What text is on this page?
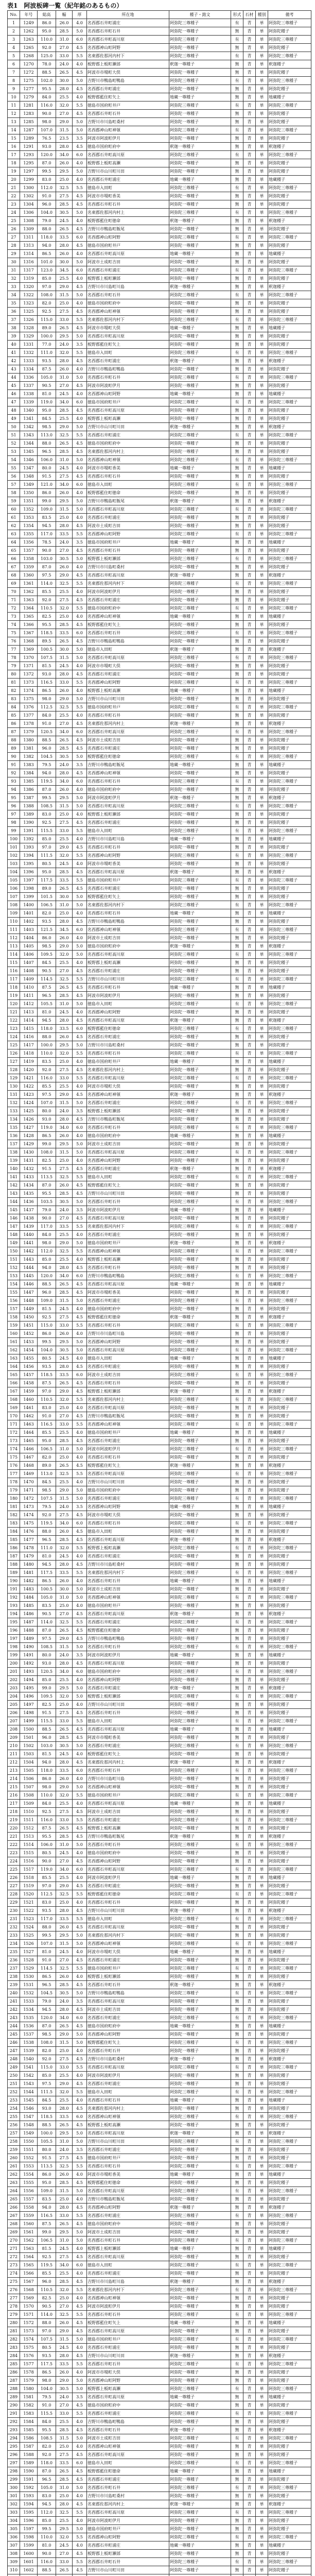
表1　阿波板碑一覧（紀年銘のあるもの）
No.	年号	総高	幅	厚	所在地	種子・銘文	形式	石材	種別	備考
1	1249	86.0	26.0	4.0	名西郡石井町浦庄	阿弥陀三尊種子	有	青	単	阿弥陀三尊種子
2	1262	95.0	28.5	5.0	名西郡石井町石井	阿弥陀一尊種子	無	青	単	阿弥陀種子
3	1263	110.0	31.0	6.0	名西郡石井町高川原	阿弥陀三尊種子	有	青	単	阿弥陀三尊種子
4	1265	92.0	27.0	4.5	名西郡神山町阿野	阿弥陀一尊種子	無	青	単	阿弥陀種子
5	1268	125.0	33.0	5.5	名東郡佐那河内村下	阿弥陀三尊種子	有	青	単	阿弥陀三尊種子
6	1270	78.0	24.0	4.0	板野郡上板町瀬部	釈迦一尊種子	無	青	単	釈迦種子
7	1272	88.5	26.5	4.5	阿波市市場町大俣	阿弥陀一尊種子	無	青	単	阿弥陀種子
8	1275	102.0	30.0	5.0	吉野川市鴨島町鴨島	阿弥陀三尊種子	有	青	単	阿弥陀三尊種子
9	1277	95.5	28.0	4.5	名西郡石井町浦庄	阿弥陀一尊種子	無	青	単	阿弥陀種子
10	1279	84.0	25.5	4.0	板野郡藍住町矢上	地蔵一尊種子	無	青	単	地蔵種子
11	1281	116.0	32.0	5.5	徳島市国府町井戸	阿弥陀三尊種子	有	青	単	阿弥陀三尊種子
12	1283	90.0	27.0	4.5	名西郡石井町石井	阿弥陀一尊種子	無	青	単	阿弥陀種子
13	1285	98.0	29.0	5.0	吉野川市川島町桑村	阿弥陀一尊種子	無	青	単	阿弥陀種子
14	1287	107.0	31.5	5.0	名西郡神山町神領	阿弥陀三尊種子	有	青	単	阿弥陀三尊種子
15	1289	76.5	23.5	3.5	阿波市阿波町伊月	阿弥陀一尊種子	無	青	単	阿弥陀種子
16	1291	93.0	28.0	4.5	徳島市国府町府中	釈迦一尊種子	無	青	単	釈迦種子
17	1293	120.0	34.0	6.0	名西郡石井町高川原	阿弥陀三尊種子	有	青	単	阿弥陀三尊種子
18	1295	87.0	26.0	4.0	板野郡上板町高瀬	阿弥陀一尊種子	無	青	単	阿弥陀種子
19	1297	99.5	29.5	5.0	吉野川市山川町川田	阿弥陀一尊種子	無	青	単	阿弥陀種子
20	1299	83.0	25.0	4.0	名西郡石井町浦庄	地蔵一尊種子	無	青	単	地蔵種子
21	1300	112.0	32.5	5.5	徳島市入田町	阿弥陀三尊種子	有	青	単	阿弥陀三尊種子
22	1302	91.0	27.5	4.5	阿波市市場町香美	阿弥陀一尊種子	無	青	単	阿弥陀種子
23	1304	96.0	28.5	4.5	名西郡石井町石井	阿弥陀一尊種子	無	青	単	阿弥陀種子
24	1306	104.0	30.5	5.0	名東郡佐那河内村上	阿弥陀三尊種子	有	青	単	阿弥陀三尊種子
25	1308	79.0	24.5	4.0	板野郡藍住町徳命	釈迦一尊種子	無	青	単	釈迦種子
26	1309	88.0	26.5	4.5	吉野川市鴨島町飯尾	阿弥陀一尊種子	無	青	単	阿弥陀種子
27	1311	118.0	33.5	6.0	名西郡神山町阿野	阿弥陀三尊種子	有	青	単	阿弥陀三尊種子
28	1313	94.0	28.0	4.5	徳島市国府町井戸	阿弥陀一尊種子	無	青	単	阿弥陀種子
29	1314	86.5	26.0	4.0	名西郡石井町高川原	地蔵一尊種子	無	青	単	地蔵種子
30	1316	101.0	30.0	5.0	阿波市土成町吉田	阿弥陀一尊種子	無	青	単	阿弥陀種子
31	1317	123.0	34.5	6.0	名西郡石井町浦庄	阿弥陀三尊種子	有	青	単	阿弥陀三尊種子
32	1319	85.0	25.5	4.0	板野郡上板町瀬部	阿弥陀一尊種子	無	青	単	阿弥陀種子
33	1320	97.0	29.0	4.5	吉野川市川島町川島	釈迦一尊種子	無	青	単	釈迦種子
34	1322	108.0	31.5	5.0	名西郡石井町石井	阿弥陀三尊種子	有	青	単	阿弥陀三尊種子
35	1323	82.0	25.0	4.0	徳島市国府町府中	阿弥陀一尊種子	無	青	単	阿弥陀種子
36	1325	92.5	27.5	4.5	名西郡神山町神領	阿弥陀一尊種子	無	青	単	阿弥陀種子
37	1326	115.0	33.0	5.5	名東郡佐那河内村下	阿弥陀三尊種子	有	青	単	阿弥陀三尊種子
38	1328	89.0	26.5	4.5	阿波市市場町大俣	地蔵一尊種子	無	青	単	地蔵種子
39	1329	100.0	29.5	5.0	名西郡石井町高川原	阿弥陀一尊種子	無	青	単	阿弥陀種子
40	1331	77.0	24.0	3.5	板野郡藍住町矢上	阿弥陀一尊種子	無	青	単	阿弥陀種子
41	1332	111.0	32.0	5.5	徳島市入田町	阿弥陀三尊種子	有	青	単	阿弥陀三尊種子
42	1333	93.5	28.0	4.5	名西郡石井町浦庄	釈迦一尊種子	無	青	単	釈迦種子
43	1334	87.5	26.0	4.0	吉野川市鴨島町鴨島	阿弥陀一尊種子	無	青	単	阿弥陀種子
44	1336	105.0	31.0	5.0	名西郡石井町石井	阿弥陀三尊種子	有	青	単	阿弥陀三尊種子
45	1337	90.5	27.0	4.5	阿波市阿波町伊月	阿弥陀一尊種子	無	青	単	阿弥陀種子
46	1338	81.0	24.5	4.0	名西郡神山町阿野	地蔵一尊種子	無	青	単	地蔵種子
47	1339	119.0	34.0	6.0	徳島市国府町井戸	阿弥陀三尊種子	有	青	単	阿弥陀三尊種子
48	1340	95.0	28.5	4.5	名西郡石井町高川原	阿弥陀一尊種子	無	青	単	阿弥陀種子
49	1341	84.5	25.5	4.0	板野郡上板町高瀬	阿弥陀一尊種子	無	青	単	阿弥陀種子
50	1342	98.5	29.0	5.0	吉野川市山川町川田	釈迦一尊種子	無	青	単	釈迦種子
51	1343	113.0	32.5	5.5	名西郡石井町浦庄	阿弥陀三尊種子	有	青	単	阿弥陀三尊種子
52	1344	88.0	26.5	4.5	徳島市国府町府中	阿弥陀一尊種子	無	青	単	阿弥陀種子
53	1345	96.5	28.5	4.5	名東郡佐那河内村上	阿弥陀一尊種子	無	青	単	阿弥陀種子
54	1346	106.0	31.0	5.0	名西郡神山町神領	阿弥陀三尊種子	有	青	単	阿弥陀三尊種子
55	1347	80.0	24.5	4.0	阿波市市場町香美	地蔵一尊種子	無	青	単	地蔵種子
56	1348	91.5	27.5	4.5	名西郡石井町石井	阿弥陀一尊種子	無	青	単	阿弥陀種子
57	1349	121.0	34.0	6.0	徳島市入田町	阿弥陀三尊種子	有	青	単	阿弥陀三尊種子
58	1350	86.0	26.0	4.0	板野郡藍住町徳命	阿弥陀一尊種子	無	青	単	阿弥陀種子
59	1351	99.0	29.5	5.0	吉野川市鴨島町飯尾	釈迦一尊種子	無	青	単	釈迦種子
60	1352	109.0	31.5	5.0	名西郡石井町高川原	阿弥陀三尊種子	有	青	単	阿弥陀三尊種子
61	1353	83.5	25.0	4.0	名西郡石井町浦庄	阿弥陀一尊種子	無	青	単	阿弥陀種子
62	1354	94.5	28.0	4.5	阿波市土成町吉田	阿弥陀一尊種子	無	青	単	阿弥陀種子
63	1355	117.0	33.5	5.5	名西郡神山町阿野	阿弥陀三尊種子	有	青	単	阿弥陀三尊種子
64	1356	78.5	24.0	3.5	徳島市国府町井戸	地蔵一尊種子	無	青	単	地蔵種子
65	1357	90.0	27.0	4.5	名西郡石井町石井	阿弥陀一尊種子	無	青	単	阿弥陀種子
66	1358	103.0	30.5	5.0	板野郡上板町瀬部	阿弥陀三尊種子	有	青	単	阿弥陀三尊種子
67	1359	87.0	26.0	4.0	吉野川市川島町桑村	阿弥陀一尊種子	無	青	単	阿弥陀種子
68	1360	97.5	29.0	4.5	名西郡石井町高川原	釈迦一尊種子	無	青	単	釈迦種子
69	1361	114.0	32.5	5.5	名東郡佐那河内村下	阿弥陀三尊種子	有	青	単	阿弥陀三尊種子
70	1362	85.5	25.5	4.0	阿波市阿波町伊月	阿弥陀一尊種子	無	青	単	阿弥陀種子
71	1363	92.0	27.5	4.5	名西郡石井町浦庄	阿弥陀一尊種子	無	青	単	阿弥陀種子
72	1364	110.5	32.0	5.5	徳島市国府町府中	阿弥陀三尊種子	有	青	単	阿弥陀三尊種子
73	1365	82.5	25.0	4.0	名西郡神山町神領	地蔵一尊種子	無	青	単	地蔵種子
74	1366	95.5	28.5	4.5	板野郡藍住町矢上	阿弥陀一尊種子	無	青	単	阿弥陀種子
75	1367	118.5	33.5	6.0	名西郡石井町石井	阿弥陀三尊種子	有	青	単	阿弥陀三尊種子
76	1368	89.5	26.5	4.5	吉野川市鴨島町鴨島	阿弥陀一尊種子	無	青	単	阿弥陀種子
77	1369	100.5	30.0	5.0	徳島市入田町	釈迦一尊種子	無	青	単	釈迦種子
78	1370	107.5	31.5	5.0	名西郡石井町高川原	阿弥陀三尊種子	有	青	単	阿弥陀三尊種子
79	1371	81.5	24.5	4.0	阿波市市場町大俣	阿弥陀一尊種子	無	青	単	阿弥陀種子
80	1372	93.0	28.0	4.5	名西郡石井町浦庄	阿弥陀一尊種子	無	青	単	阿弥陀種子
81	1373	116.5	33.0	5.5	名西郡神山町阿野	阿弥陀三尊種子	有	青	単	阿弥陀三尊種子
82	1374	86.5	26.0	4.0	板野郡上板町高瀬	地蔵一尊種子	無	青	単	地蔵種子
83	1375	98.0	29.0	5.0	吉野川市山川町川田	阿弥陀一尊種子	無	青	単	阿弥陀種子
84	1376	112.5	32.5	5.5	徳島市国府町井戸	阿弥陀三尊種子	有	青	単	阿弥陀三尊種子
85	1377	84.0	25.5	4.0	名西郡石井町石井	阿弥陀一尊種子	無	青	単	阿弥陀種子
86	1378	91.0	27.0	4.5	名東郡佐那河内村上	釈迦一尊種子	無	青	単	釈迦種子
87	1379	120.5	34.0	6.0	名西郡石井町高川原	阿弥陀三尊種子	有	青	単	阿弥陀三尊種子
88	1380	88.5	26.5	4.5	阿波市土成町吉田	阿弥陀一尊種子	無	青	単	阿弥陀種子
89	1381	96.0	28.5	4.5	名西郡石井町浦庄	阿弥陀一尊種子	無	青	単	阿弥陀種子
90	1382	104.5	30.5	5.0	板野郡藍住町徳命	阿弥陀三尊種子	有	青	単	阿弥陀三尊種子
91	1383	79.5	24.0	3.5	吉野川市鴨島町飯尾	地蔵一尊種子	無	青	単	地蔵種子
92	1384	94.0	28.0	4.5	名西郡神山町神領	阿弥陀一尊種子	無	青	単	阿弥陀種子
93	1385	119.5	34.0	6.0	名西郡石井町石井	阿弥陀三尊種子	有	青	単	阿弥陀三尊種子
94	1386	87.0	26.0	4.0	徳島市国府町府中	阿弥陀一尊種子	無	青	単	阿弥陀種子
95	1387	99.5	29.5	5.0	阿波市阿波町伊月	釈迦一尊種子	無	青	単	釈迦種子
96	1388	108.5	31.5	5.0	名西郡石井町高川原	阿弥陀三尊種子	有	青	単	阿弥陀三尊種子
97	1389	83.0	25.0	4.0	板野郡上板町瀬部	阿弥陀一尊種子	無	青	単	阿弥陀種子
98	1390	92.5	27.5	4.5	名西郡石井町浦庄	阿弥陀一尊種子	無	青	単	阿弥陀種子
99	1391	115.5	33.0	5.5	徳島市入田町	阿弥陀三尊種子	有	青	単	阿弥陀三尊種子
100	1392	85.0	25.5	4.0	吉野川市川島町川島	地蔵一尊種子	無	青	単	地蔵種子
101	1393	97.0	29.0	4.5	名西郡石井町石井	阿弥陀一尊種子	無	青	単	阿弥陀種子
102	1394	111.5	32.0	5.5	名西郡神山町阿野	阿弥陀三尊種子	有	青	単	阿弥陀三尊種子
103	1395	80.5	24.5	4.0	阿波市市場町香美	阿弥陀一尊種子	無	青	単	阿弥陀種子
104	1396	95.0	28.5	4.5	名西郡石井町高川原	釈迦一尊種子	無	青	単	釈迦種子
105	1397	117.5	33.5	5.5	徳島市国府町井戸	阿弥陀三尊種子	有	青	単	阿弥陀三尊種子
106	1398	89.0	26.5	4.5	名西郡石井町浦庄	阿弥陀一尊種子	無	青	単	阿弥陀種子
107	1399	101.5	30.0	5.0	板野郡藍住町矢上	阿弥陀一尊種子	無	青	単	阿弥陀種子
108	1400	106.5	31.0	5.0	名東郡佐那河内村下	阿弥陀三尊種子	有	青	単	阿弥陀三尊種子
109	1401	82.0	25.0	4.0	名西郡石井町石井	地蔵一尊種子	無	青	単	地蔵種子
110	1402	93.5	28.0	4.5	吉野川市鴨島町鴨島	阿弥陀一尊種子	無	青	単	阿弥陀種子
111	1403	121.5	34.5	6.0	名西郡神山町神領	阿弥陀三尊種子	有	青	単	阿弥陀三尊種子
112	1404	86.0	26.0	4.0	阿波市土成町吉田	阿弥陀一尊種子	無	青	単	阿弥陀種子
113	1405	98.5	29.0	5.0	徳島市国府町府中	釈迦一尊種子	無	青	単	釈迦種子
114	1406	109.5	32.0	5.0	名西郡石井町高川原	阿弥陀三尊種子	有	青	単	阿弥陀三尊種子
115	1407	84.5	25.5	4.0	板野郡上板町高瀬	阿弥陀一尊種子	無	青	単	阿弥陀種子
116	1408	90.5	27.0	4.5	名西郡石井町浦庄	阿弥陀一尊種子	無	青	単	阿弥陀種子
117	1409	114.5	32.5	5.5	吉野川市山川町川田	阿弥陀三尊種子	有	青	単	阿弥陀三尊種子
118	1410	87.5	26.5	4.5	名西郡石井町石井	地蔵一尊種子	無	青	単	地蔵種子
119	1411	96.5	28.5	4.5	阿波市阿波町伊月	阿弥陀一尊種子	無	青	単	阿弥陀種子
120	1412	105.5	31.0	5.0	徳島市入田町	阿弥陀三尊種子	有	青	単	阿弥陀三尊種子
121	1413	81.0	24.5	4.0	名西郡神山町阿野	阿弥陀一尊種子	無	青	単	阿弥陀種子
122	1414	94.5	28.0	4.5	名西郡石井町高川原	釈迦一尊種子	無	青	単	釈迦種子
123	1415	118.0	33.5	6.0	板野郡藍住町徳命	阿弥陀三尊種子	有	青	単	阿弥陀三尊種子
124	1416	88.0	26.0	4.5	名西郡石井町浦庄	阿弥陀一尊種子	無	青	単	阿弥陀種子
125	1417	100.0	29.5	5.0	吉野川市川島町桑村	阿弥陀一尊種子	無	青	単	阿弥陀種子
126	1418	110.0	32.0	5.5	名西郡石井町石井	阿弥陀三尊種子	有	青	単	阿弥陀三尊種子
127	1419	83.5	25.0	4.0	徳島市国府町井戸	地蔵一尊種子	無	青	単	地蔵種子
128	1420	92.0	27.5	4.5	名東郡佐那河内村上	阿弥陀一尊種子	無	青	単	阿弥陀種子
129	1421	116.0	33.0	5.5	名西郡石井町高川原	阿弥陀三尊種子	有	青	単	阿弥陀三尊種子
130	1422	85.5	25.5	4.0	阿波市市場町大俣	阿弥陀一尊種子	無	青	単	阿弥陀種子
131	1423	97.5	29.0	4.5	名西郡神山町神領	釈迦一尊種子	無	青	単	釈迦種子
132	1424	107.0	31.5	5.0	名西郡石井町浦庄	阿弥陀三尊種子	有	青	単	阿弥陀三尊種子
133	1425	80.0	24.0	3.5	板野郡上板町瀬部	阿弥陀一尊種子	無	青	単	阿弥陀種子
134	1426	93.0	28.0	4.5	吉野川市鴨島町飯尾	阿弥陀一尊種子	無	青	単	阿弥陀種子
135	1427	119.0	34.0	6.0	名西郡石井町石井	阿弥陀三尊種子	有	青	単	阿弥陀三尊種子
136	1428	86.5	26.0	4.0	徳島市国府町府中	地蔵一尊種子	無	青	単	地蔵種子
137	1429	99.0	29.5	5.0	阿波市土成町吉田	阿弥陀一尊種子	無	青	単	阿弥陀種子
138	1430	108.0	31.5	5.0	名西郡石井町高川原	阿弥陀三尊種子	有	青	単	阿弥陀三尊種子
139	1431	82.5	25.0	4.0	名西郡神山町阿野	阿弥陀一尊種子	無	青	単	阿弥陀種子
140	1432	91.5	27.5	4.5	名西郡石井町浦庄	釈迦一尊種子	無	青	単	釈迦種子
141	1433	113.5	32.5	5.5	徳島市入田町	阿弥陀三尊種子	有	青	単	阿弥陀三尊種子
142	1434	87.0	26.0	4.5	板野郡藍住町矢上	阿弥陀一尊種子	無	青	単	阿弥陀種子
143	1435	95.5	28.5	4.5	吉野川市山川町川田	阿弥陀一尊種子	無	青	単	阿弥陀種子
144	1436	103.5	30.5	5.0	名西郡石井町石井	阿弥陀三尊種子	有	青	単	阿弥陀三尊種子
145	1437	79.0	24.0	3.5	阿波市阿波町伊月	地蔵一尊種子	無	青	単	地蔵種子
146	1438	90.0	27.0	4.5	名西郡石井町高川原	阿弥陀一尊種子	無	青	単	阿弥陀種子
147	1439	117.0	33.5	5.5	名東郡佐那河内村下	阿弥陀三尊種子	有	青	単	阿弥陀三尊種子
148	1440	84.0	25.5	4.0	名西郡石井町浦庄	阿弥陀一尊種子	無	青	単	阿弥陀種子
149	1441	98.0	29.0	5.0	徳島市国府町井戸	釈迦一尊種子	無	青	単	釈迦種子
150	1442	112.0	32.5	5.5	名西郡神山町神領	阿弥陀三尊種子	有	青	単	阿弥陀三尊種子
151	1443	85.0	25.5	4.0	板野郡上板町高瀬	阿弥陀一尊種子	無	青	単	阿弥陀種子
152	1444	94.0	28.0	4.5	名西郡石井町石井	阿弥陀一尊種子	無	青	単	阿弥陀種子
153	1445	120.0	34.0	6.0	吉野川市鴨島町鴨島	阿弥陀三尊種子	有	青	単	阿弥陀三尊種子
154	1446	88.5	26.5	4.5	名西郡石井町高川原	地蔵一尊種子	無	青	単	地蔵種子
155	1447	96.0	28.5	4.5	阿波市市場町香美	阿弥陀一尊種子	無	青	単	阿弥陀種子
156	1448	109.0	31.5	5.0	名西郡石井町浦庄	阿弥陀三尊種子	有	青	単	阿弥陀三尊種子
157	1449	81.5	24.5	4.0	徳島市国府町府中	阿弥陀一尊種子	無	青	単	阿弥陀種子
158	1450	92.5	27.5	4.5	板野郡藍住町徳命	釈迦一尊種子	無	青	単	釈迦種子
159	1451	115.0	33.0	5.5	名西郡石井町石井	阿弥陀三尊種子	有	青	単	阿弥陀三尊種子
160	1452	86.0	26.0	4.0	吉野川市川島町川島	阿弥陀一尊種子	無	青	単	阿弥陀種子
161	1453	99.5	29.5	5.0	名西郡神山町阿野	阿弥陀一尊種子	無	青	単	阿弥陀種子
162	1454	104.0	30.5	5.0	名西郡石井町高川原	阿弥陀三尊種子	有	青	単	阿弥陀三尊種子
163	1455	80.5	24.5	4.0	徳島市入田町	地蔵一尊種子	無	青	単	地蔵種子
164	1456	93.5	28.0	4.5	名西郡石井町浦庄	阿弥陀一尊種子	無	青	単	阿弥陀種子
165	1457	118.5	33.5	6.0	阿波市土成町吉田	阿弥陀三尊種子	有	青	単	阿弥陀三尊種子
166	1458	87.5	26.5	4.5	名西郡石井町石井	阿弥陀一尊種子	無	青	単	阿弥陀種子
167	1459	97.0	29.0	4.5	板野郡上板町瀬部	釈迦一尊種子	無	青	単	釈迦種子
168	1460	110.5	32.0	5.5	名東郡佐那河内村上	阿弥陀三尊種子	有	青	単	阿弥陀三尊種子
169	1461	83.0	25.0	4.0	名西郡石井町高川原	阿弥陀一尊種子	無	青	単	阿弥陀種子
170	1462	91.0	27.0	4.5	吉野川市鴨島町飯尾	阿弥陀一尊種子	無	青	単	阿弥陀種子
171	1463	116.5	33.0	5.5	名西郡神山町神領	阿弥陀三尊種子	有	青	単	阿弥陀三尊種子
172	1464	85.5	25.5	4.0	徳島市国府町井戸	地蔵一尊種子	無	青	単	地蔵種子
173	1465	95.0	28.5	4.5	名西郡石井町浦庄	阿弥陀一尊種子	無	青	単	阿弥陀種子
174	1466	106.5	31.0	5.0	阿波市阿波町伊月	阿弥陀三尊種子	有	青	単	阿弥陀三尊種子
175	1467	82.0	25.0	4.0	名西郡石井町石井	阿弥陀一尊種子	無	青	単	阿弥陀種子
176	1468	89.0	26.5	4.5	板野郡藍住町矢上	釈迦一尊種子	無	青	単	釈迦種子
177	1469	113.0	32.5	5.5	名西郡石井町高川原	阿弥陀三尊種子	有	青	単	阿弥陀三尊種子
178	1470	84.5	25.5	4.0	吉野川市山川町川田	阿弥陀一尊種子	無	青	単	阿弥陀種子
179	1471	98.5	29.0	5.0	徳島市国府町府中	阿弥陀一尊種子	無	青	単	阿弥陀種子
180	1472	107.5	31.5	5.0	名西郡石井町浦庄	阿弥陀三尊種子	有	青	単	阿弥陀三尊種子
181	1473	79.5	24.0	3.5	名西郡神山町阿野	地蔵一尊種子	無	青	単	地蔵種子
182	1474	92.0	27.5	4.5	阿波市市場町大俣	阿弥陀一尊種子	無	青	単	阿弥陀種子
183	1475	119.5	34.0	6.0	名西郡石井町石井	阿弥陀三尊種子	有	青	単	阿弥陀三尊種子
184	1476	88.0	26.0	4.5	徳島市入田町	阿弥陀一尊種子	無	青	単	阿弥陀種子
185	1477	96.5	28.5	4.5	名西郡石井町高川原	釈迦一尊種子	無	青	単	釈迦種子
186	1478	111.0	32.0	5.5	板野郡上板町高瀬	阿弥陀三尊種子	有	青	単	阿弥陀三尊種子
187	1479	81.0	24.5	4.0	名西郡石井町浦庄	阿弥陀一尊種子	無	青	単	阿弥陀種子
188	1480	94.5	28.0	4.5	吉野川市川島町桑村	阿弥陀一尊種子	無	青	単	阿弥陀種子
189	1481	117.5	33.5	5.5	名東郡佐那河内村下	阿弥陀三尊種子	有	青	単	阿弥陀三尊種子
190	1482	86.5	26.0	4.0	名西郡石井町石井	地蔵一尊種子	無	青	単	地蔵種子
191	1483	100.5	30.0	5.0	阿波市土成町吉田	阿弥陀一尊種子	無	青	単	阿弥陀種子
192	1484	105.0	31.0	5.0	名西郡神山町神領	阿弥陀三尊種子	有	青	単	阿弥陀三尊種子
193	1485	83.5	25.0	4.0	徳島市国府町井戸	阿弥陀一尊種子	無	青	単	阿弥陀種子
194	1486	90.5	27.0	4.5	名西郡石井町高川原	釈迦一尊種子	無	青	単	釈迦種子
195	1487	114.0	32.5	5.5	名西郡石井町浦庄	阿弥陀三尊種子	有	青	単	阿弥陀三尊種子
196	1488	87.0	26.5	4.5	板野郡藍住町徳命	阿弥陀一尊種子	無	青	単	阿弥陀種子
197	1489	97.5	29.0	4.5	吉野川市鴨島町鴨島	阿弥陀一尊種子	無	青	単	阿弥陀種子
198	1490	108.5	31.5	5.0	名西郡石井町石井	阿弥陀三尊種子	有	青	単	阿弥陀三尊種子
199	1491	80.0	24.0	3.5	阿波市阿波町伊月	地蔵一尊種子	無	青	単	地蔵種子
200	1492	93.0	28.0	4.5	名西郡石井町高川原	阿弥陀一尊種子	無	青	単	阿弥陀種子
201	1493	120.5	34.0	6.0	徳島市国府町府中	阿弥陀三尊種子	有	青	単	阿弥陀三尊種子
202	1494	85.0	25.5	4.0	名西郡神山町阿野	阿弥陀一尊種子	無	青	単	阿弥陀種子
203	1495	99.0	29.5	5.0	名西郡石井町浦庄	釈迦一尊種子	無	青	単	釈迦種子
204	1496	109.5	32.0	5.0	板野郡上板町瀬部	阿弥陀三尊種子	有	青	単	阿弥陀三尊種子
205	1497	82.5	25.0	4.0	吉野川市山川町川田	阿弥陀一尊種子	無	青	単	阿弥陀種子
206	1498	91.5	27.5	4.5	名西郡石井町石井	阿弥陀一尊種子	無	青	単	阿弥陀種子
207	1499	115.5	33.0	5.5	徳島市入田町	阿弥陀三尊種子	有	青	単	阿弥陀三尊種子
208	1500	88.5	26.5	4.5	名西郡石井町高川原	地蔵一尊種子	無	青	単	地蔵種子
209	1501	96.0	28.5	4.5	阿波市市場町香美	阿弥陀一尊種子	無	青	単	阿弥陀種子
210	1502	103.0	30.5	5.0	名西郡石井町浦庄	阿弥陀三尊種子	有	青	単	阿弥陀三尊種子
211	1503	81.5	24.5	4.0	板野郡藍住町矢上	阿弥陀一尊種子	無	青	単	阿弥陀種子
212	1504	94.0	28.0	4.5	名東郡佐那河内村上	釈迦一尊種子	無	青	単	釈迦種子
213	1505	118.0	33.5	6.0	名西郡石井町石井	阿弥陀三尊種子	有	青	単	阿弥陀三尊種子
214	1506	86.0	26.0	4.0	吉野川市川島町川島	阿弥陀一尊種子	無	青	単	阿弥陀種子
215	1507	98.0	29.0	5.0	名西郡神山町神領	阿弥陀一尊種子	無	青	単	阿弥陀種子
216	1508	110.0	32.0	5.5	徳島市国府町井戸	阿弥陀三尊種子	有	青	単	阿弥陀三尊種子
217	1509	84.0	25.5	4.0	名西郡石井町高川原	地蔵一尊種子	無	青	単	地蔵種子
218	1510	92.5	27.5	4.5	阿波市土成町吉田	阿弥陀一尊種子	無	青	単	阿弥陀種子
219	1511	116.0	33.0	5.5	名西郡石井町浦庄	阿弥陀三尊種子	有	青	単	阿弥陀三尊種子
220	1512	87.5	26.5	4.5	板野郡上板町高瀬	阿弥陀一尊種子	無	青	単	阿弥陀種子
221	1513	95.5	28.5	4.5	吉野川市鴨島町飯尾	釈迦一尊種子	無	青	単	釈迦種子
222	1514	106.0	31.0	5.0	名西郡石井町石井	阿弥陀三尊種子	有	青	単	阿弥陀三尊種子
223	1515	80.5	24.5	4.0	徳島市国府町府中	阿弥陀一尊種子	無	青	単	阿弥陀種子
224	1516	90.0	27.0	4.5	名西郡神山町阿野	阿弥陀一尊種子	無	青	単	阿弥陀種子
225	1517	119.0	34.0	6.0	名西郡石井町高川原	阿弥陀三尊種子	有	青	単	阿弥陀三尊種子
226	1518	85.5	25.5	4.0	阿波市阿波町伊月	地蔵一尊種子	無	青	単	地蔵種子
227	1519	97.0	29.0	4.5	名西郡石井町浦庄	阿弥陀一尊種子	無	青	単	阿弥陀種子
228	1520	112.5	32.5	5.5	板野郡藍住町徳命	阿弥陀三尊種子	有	青	単	阿弥陀三尊種子
229	1521	83.0	25.0	4.0	名西郡石井町石井	阿弥陀一尊種子	無	青	単	阿弥陀種子
230	1522	93.5	28.0	4.5	吉野川市山川町川田	釈迦一尊種子	無	青	単	釈迦種子
231	1523	117.0	33.5	5.5	徳島市入田町	阿弥陀三尊種子	有	青	単	阿弥陀三尊種子
232	1524	88.0	26.0	4.5	名西郡石井町高川原	阿弥陀一尊種子	無	青	単	阿弥陀種子
233	1525	99.5	29.5	5.0	名東郡佐那河内村下	阿弥陀一尊種子	無	青	単	阿弥陀種子
234	1526	107.0	31.5	5.0	名西郡神山町神領	阿弥陀三尊種子	有	青	単	阿弥陀三尊種子
235	1527	81.0	24.5	4.0	阿波市市場町大俣	地蔵一尊種子	無	青	単	地蔵種子
236	1528	91.0	27.0	4.5	名西郡石井町浦庄	阿弥陀一尊種子	無	青	単	阿弥陀種子
237	1529	114.5	32.5	5.5	徳島市国府町井戸	阿弥陀三尊種子	有	青	単	阿弥陀三尊種子
238	1530	86.5	26.0	4.0	板野郡上板町瀬部	阿弥陀一尊種子	無	青	単	阿弥陀種子
239	1531	96.5	28.5	4.5	名西郡石井町石井	釈迦一尊種子	無	青	単	釈迦種子
240	1532	104.5	30.5	5.0	吉野川市鴨島町鴨島	阿弥陀三尊種子	有	青	単	阿弥陀三尊種子
241	1533	79.0	24.0	3.5	名西郡石井町高川原	阿弥陀一尊種子	無	青	単	阿弥陀種子
242	1534	94.5	28.0	4.5	阿波市土成町吉田	阿弥陀一尊種子	無	青	単	阿弥陀種子
243	1535	120.0	34.0	6.0	名西郡石井町浦庄	阿弥陀三尊種子	有	青	単	阿弥陀三尊種子
244	1536	87.0	26.5	4.5	徳島市国府町府中	地蔵一尊種子	無	青	単	地蔵種子
245	1537	98.5	29.0	5.0	名西郡神山町阿野	阿弥陀一尊種子	無	青	単	阿弥陀種子
246	1538	108.0	31.5	5.0	板野郡藍住町矢上	阿弥陀三尊種子	有	青	単	阿弥陀三尊種子
247	1539	82.0	25.0	4.0	名西郡石井町石井	阿弥陀一尊種子	無	青	単	阿弥陀種子
248	1540	92.0	27.5	4.5	吉野川市川島町桑村	釈迦一尊種子	無	青	単	釈迦種子
249	1541	115.0	33.0	5.5	名西郡石井町高川原	阿弥陀三尊種子	有	青	単	阿弥陀三尊種子
250	1542	85.0	25.5	4.0	阿波市阿波町伊月	阿弥陀一尊種子	無	青	単	阿弥陀種子
251	1543	97.5	29.0	4.5	名西郡石井町浦庄	阿弥陀一尊種子	無	青	単	阿弥陀種子
252	1544	111.5	32.0	5.5	徳島市入田町	阿弥陀三尊種子	有	青	単	阿弥陀三尊種子
253	1545	84.5	25.5	4.0	名西郡石井町石井	地蔵一尊種子	無	青	単	地蔵種子
254	1546	93.0	28.0	4.5	名東郡佐那河内村上	阿弥陀一尊種子	無	青	単	阿弥陀種子
255	1547	118.5	33.5	6.0	名西郡神山町神領	阿弥陀三尊種子	有	青	単	阿弥陀三尊種子
256	1548	88.5	26.5	4.5	板野郡上板町高瀬	阿弥陀一尊種子	無	青	単	阿弥陀種子
257	1549	100.0	29.5	5.0	名西郡石井町高川原	釈迦一尊種子	無	青	単	釈迦種子
258	1550	105.5	31.0	5.0	吉野川市山川町川田	阿弥陀三尊種子	有	青	単	阿弥陀三尊種子
259	1551	80.0	24.0	3.5	名西郡石井町浦庄	阿弥陀一尊種子	無	青	単	阿弥陀種子
260	1552	91.5	27.5	4.5	徳島市国府町井戸	阿弥陀一尊種子	無	青	単	阿弥陀種子
261	1553	113.5	32.5	5.5	名西郡石井町石井	阿弥陀三尊種子	有	青	単	阿弥陀三尊種子
262	1554	86.0	26.0	4.0	阿波市市場町香美	地蔵一尊種子	無	青	単	地蔵種子
263	1555	95.0	28.5	4.5	板野郡藍住町徳命	阿弥陀一尊種子	無	青	単	阿弥陀種子
264	1556	109.0	31.5	5.0	名西郡石井町高川原	阿弥陀三尊種子	有	青	単	阿弥陀三尊種子
265	1557	83.5	25.0	4.0	吉野川市鴨島町飯尾	阿弥陀一尊種子	無	青	単	阿弥陀種子
266	1558	94.0	28.0	4.5	名西郡神山町阿野	釈迦一尊種子	無	青	単	釈迦種子
267	1559	116.5	33.0	5.5	名西郡石井町浦庄	阿弥陀三尊種子	有	青	単	阿弥陀三尊種子
268	1560	87.5	26.5	4.5	徳島市国府町府中	阿弥陀一尊種子	無	青	単	阿弥陀種子
269	1561	99.0	29.5	5.0	阿波市土成町吉田	阿弥陀一尊種子	無	青	単	阿弥陀種子
270	1562	106.5	31.0	5.0	名西郡石井町石井	阿弥陀三尊種子	有	青	単	阿弥陀三尊種子
271	1563	81.5	24.5	4.0	板野郡上板町瀬部	地蔵一尊種子	無	青	単	地蔵種子
272	1564	92.5	27.5	4.5	名西郡石井町高川原	阿弥陀一尊種子	無	青	単	阿弥陀種子
273	1565	119.5	34.0	6.0	徳島市入田町	阿弥陀三尊種子	有	青	単	阿弥陀三尊種子
274	1566	85.5	25.5	4.0	名西郡石井町浦庄	阿弥陀一尊種子	無	青	単	阿弥陀種子
275	1567	96.0	28.5	4.5	吉野川市川島町川島	釈迦一尊種子	無	青	単	釈迦種子
276	1568	110.5	32.0	5.5	名東郡佐那河内村下	阿弥陀三尊種子	有	青	単	阿弥陀三尊種子
277	1569	82.5	25.0	4.0	名西郡神山町神領	阿弥陀一尊種子	無	青	単	阿弥陀種子
278	1570	90.5	27.0	4.5	阿波市阿波町伊月	阿弥陀一尊種子	無	青	単	阿弥陀種子
279	1571	114.0	32.5	5.5	名西郡石井町石井	阿弥陀三尊種子	有	青	単	阿弥陀三尊種子
280	1572	88.0	26.0	4.5	板野郡藍住町矢上	地蔵一尊種子	無	青	単	地蔵種子
281	1573	97.0	29.0	4.5	名西郡石井町高川原	阿弥陀一尊種子	無	青	単	阿弥陀種子
282	1574	107.5	31.5	5.0	徳島市国府町井戸	阿弥陀三尊種子	有	青	単	阿弥陀三尊種子
283	1575	80.5	24.5	4.0	名西郡石井町浦庄	阿弥陀一尊種子	無	青	単	阿弥陀種子
284	1576	93.5	28.0	4.5	吉野川市山川町川田	釈迦一尊種子	無	青	単	釈迦種子
285	1577	117.5	33.5	5.5	名西郡石井町石井	阿弥陀三尊種子	有	青	単	阿弥陀三尊種子
286	1578	86.5	26.0	4.0	阿波市市場町大俣	阿弥陀一尊種子	無	青	単	阿弥陀種子
287	1579	98.0	29.0	5.0	名西郡神山町阿野	阿弥陀一尊種子	無	青	単	阿弥陀種子
288	1580	104.0	30.5	5.0	板野郡上板町高瀬	阿弥陀三尊種子	有	青	単	阿弥陀三尊種子
289	1581	79.5	24.0	3.5	名西郡石井町高川原	地蔵一尊種子	無	青	単	地蔵種子
290	1582	91.0	27.0	4.5	徳島市国府町府中	阿弥陀一尊種子	無	青	単	阿弥陀種子
291	1583	115.5	33.0	5.5	名西郡石井町浦庄	阿弥陀三尊種子	有	青	単	阿弥陀三尊種子
292	1584	84.0	25.5	4.0	吉野川市鴨島町鴨島	阿弥陀一尊種子	無	青	単	阿弥陀種子
293	1585	95.5	28.5	4.5	名西郡石井町石井	釈迦一尊種子	無	青	単	釈迦種子
294	1586	108.5	31.5	5.0	阿波市土成町吉田	阿弥陀三尊種子	有	青	単	阿弥陀三尊種子
295	1587	82.0	25.0	4.0	名西郡神山町神領	阿弥陀一尊種子	無	青	単	阿弥陀種子
296	1588	92.0	27.5	4.5	名西郡石井町高川原	阿弥陀一尊種子	無	青	単	阿弥陀種子
297	1589	118.0	33.5	6.0	徳島市入田町	阿弥陀三尊種子	有	青	単	阿弥陀三尊種子
298	1590	87.0	26.5	4.5	板野郡藍住町徳命	地蔵一尊種子	無	青	単	地蔵種子
299	1591	96.5	28.5	4.5	名西郡石井町浦庄	阿弥陀一尊種子	無	青	単	阿弥陀種子
300	1592	105.0	31.0	5.0	名西郡石井町石井	阿弥陀三尊種子	有	青	単	阿弥陀三尊種子
301	1593	83.0	25.0	4.0	吉野川市川島町桑村	阿弥陀一尊種子	無	青	単	阿弥陀種子
302	1594	94.5	28.0	4.5	名東郡佐那河内村上	釈迦一尊種子	無	青	単	釈迦種子
303	1595	112.0	32.5	5.5	名西郡石井町高川原	阿弥陀三尊種子	有	青	単	阿弥陀三尊種子
304	1596	85.0	25.5	4.0	阿波市阿波町伊月	阿弥陀一尊種子	無	青	単	阿弥陀種子
305	1597	99.5	29.5	5.0	徳島市国府町井戸	阿弥陀一尊種子	無	青	単	阿弥陀種子
306	1598	110.0	32.0	5.5	名西郡神山町阿野	阿弥陀三尊種子	有	青	単	阿弥陀三尊種子
307	1599	81.0	24.5	4.0	名西郡石井町浦庄	地蔵一尊種子	無	青	単	地蔵種子
308	1600	90.0	27.0	4.5	板野郡上板町瀬部	阿弥陀一尊種子	無	青	単	阿弥陀種子
309	1601	116.0	33.0	5.5	名西郡石井町石井	阿弥陀三尊種子	有	青	単	阿弥陀三尊種子
310	1602	88.5	26.5	4.5	吉野川市山川町川田	阿弥陀一尊種子	無	青	単	阿弥陀種子
